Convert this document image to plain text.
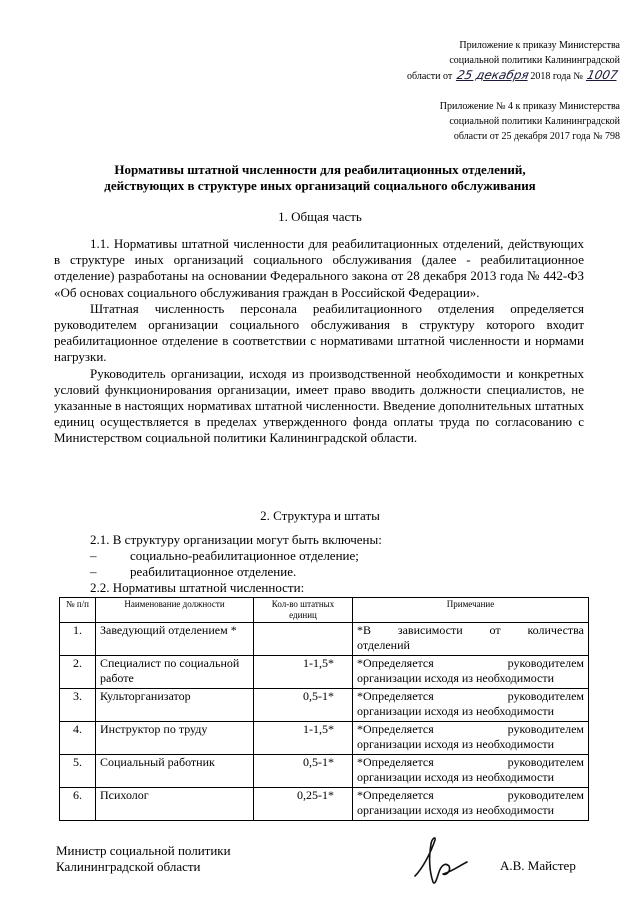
Приложение к приказу Министерства
социальной политики Калининградской
области от 25 декабря2018 года № 1007
Приложение № 4 к приказу Министерства
социальной политики Калининградской
области от 25 декабря 2017 года № 798
Нормативы штатной численности для реабилитационных отделений,
действующих в структуре иных организаций социального обслуживания
1. Общая часть

1.1. Нормативы штатной численности для реабилитационных отделений, действующих в структуре иных организаций социального обслуживания (далее - реабилитационное отделение) разработаны на основании Федерального закона от 28 декабря 2013 года № 442-ФЗ «Об основах социального обслуживания граждан в Российской Федерации».

Штатная численность персонала реабилитационного отделения определяется руководителем организации социального обслуживания в структуру которого входит реабилитационное отделение в соответствии с нормативами штатной численности и нормами нагрузки.

Руководитель организации, исходя из производственной необходимости и конкретных условий функционирования организации, имеет право вводить должности специалистов, не указанные в настоящих нормативах штатной численности. Введение дополнительных штатных единиц осуществляется в пределах утвержденного фонда оплаты труда по согласованию с Министерством социальной политики Калининградской области.

2. Структура и штаты
2.1. В структуру организации могут быть включены:
–	социально-реабилитационное отделение;
–	реабилитационное отделение.
2.2. Нормативы штатной численности:
№ п/п	Наименование должности	Кол-во штатных единиц	Примечание
1.	Заведующий отделением *		*В зависимости от количества
отделений

2.	Специалист по социальной работе	1-1,5*	*Определяется руководителем
организации исходя из необходимости

3.	Культорганизатор	0,5-1*	*Определяется руководителем
организации исходя из необходимости

4.	Инструктор по труду	1-1,5*	*Определяется руководителем
организации исходя из необходимости

5.	Социальный работник	0,5-1*	*Определяется руководителем
организации исходя из необходимости

6.	Психолог	0,25-1*	*Определяется руководителем
организации исходя из необходимости
Министр социальной политики
Калининградской области	А.В. Майстер
